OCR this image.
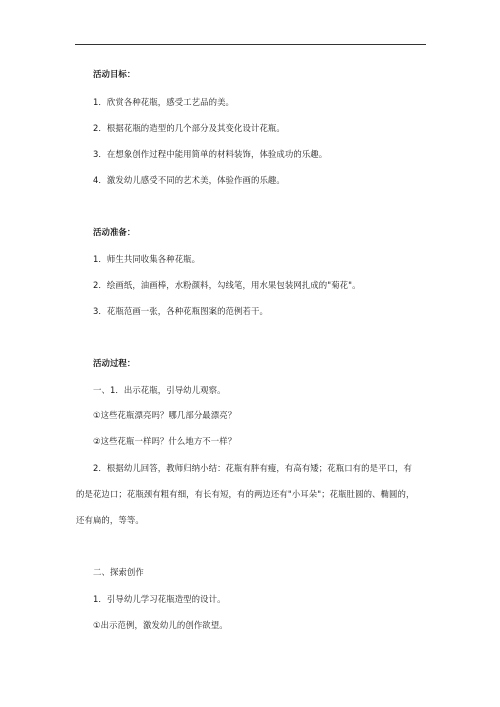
活动目标：
1．欣赏各种花瓶，感受工艺品的美。
2．根据花瓶的造型的几个部分及其变化设计花瓶。
3．在想象创作过程中能用简单的材料装饰，体验成功的乐趣。
4．激发幼儿感受不同的艺术美，体验作画的乐趣。
活动准备：
1．师生共同收集各种花瓶。
2．绘画纸，油画棒，水粉颜料，勾线笔，用水果包装网扎成的"菊花"。
3．花瓶范画一张，各种花瓶图案的范例若干。
活动过程：
一、1．出示花瓶，引导幼儿观察。
①这些花瓶漂亮吗？哪几部分最漂亮？
②这些花瓶一样吗？什么地方不一样？
2．根据幼儿回答，教师归纳小结：花瓶有胖有瘦，有高有矮；花瓶口有的是平口，有
的是花边口；花瓶颈有粗有细，有长有短，有的两边还有"小耳朵"；花瓶肚圆的、椭圆的，
还有扁的，等等。
二、探索创作
1．引导幼儿学习花瓶造型的设计。
①出示范例，激发幼儿的创作欲望。
